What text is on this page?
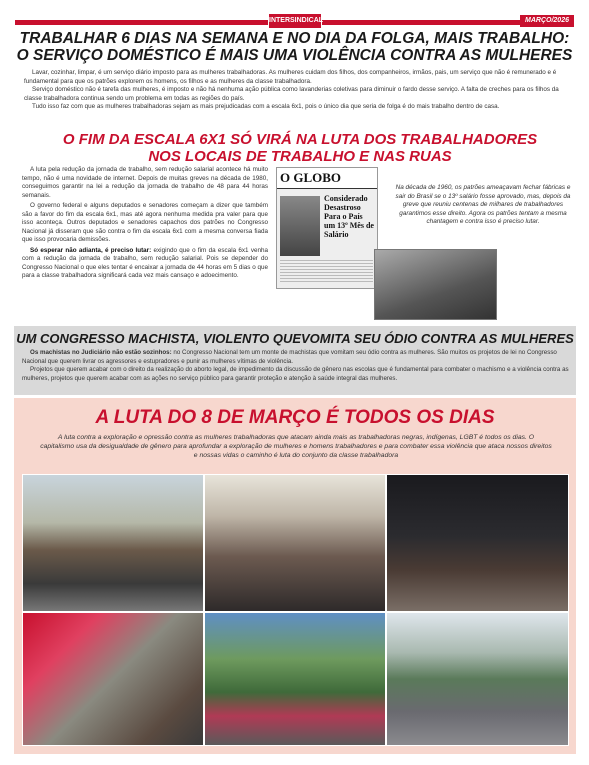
INTERSINDICAL	MARÇO/2026
TRABALHAR 6 DIAS NA SEMANA E NO DIA DA FOLGA, MAIS TRABALHO: O SERVIÇO DOMÉSTICO É MAIS UMA VIOLÊNCIA CONTRA AS MULHERES

Lavar, cozinhar, limpar, é um serviço diário imposto para as mulheres trabalhadoras. As mulheres cuidam dos filhos, dos companheiros, irmãos, pais, um serviço que não é remunerado e é fundamental para que os patrões explorem os homens, os filhos e as mulheres da classe trabalhadora.

Serviço doméstico não é tarefa das mulheres, é imposto e não há nenhuma ação pública como lavanderias coletivas para diminuir o fardo desse serviço. A falta de creches para os filhos da classe trabalhadora continua sendo um problema em todas as regiões do país.

Tudo isso faz com que as mulheres trabalhadoras sejam as mais prejudicadas com a escala 6x1, pois o único dia que seria de folga é do mais trabalho dentro de casa.

O FIM DA ESCALA 6X1 SÓ VIRÁ NA LUTA DOS TRABALHADORES NOS LOCAIS DE TRABALHO E NAS RUAS

A luta pela redução da jornada de trabalho, sem redução salarial acontece há muito tempo, não é uma novidade de internet. Depois de muitas greves na década de 1980, conseguimos garantir na lei a redução da jornada de trabalho de 48 para 44 horas semanais.

O governo federal e alguns deputados e senadores começam a dizer que também são a favor do fim da escala 6x1, mas até agora nenhuma medida pra valer para que isso aconteça. Outros deputados e senadores capachos dos patrões no Congresso Nacional já disseram que são contra o fim da escala 6x1 com a mesma conversa fiada que isso provocaria demissões.

Só esperar não adianta, é preciso lutar: exigindo que o fim da escala 6x1 venha com a redução da jornada de trabalho, sem redução salarial. Pois se depender do Congresso Nacional o que eles tentar é encaixar a jornada de 44 horas em 5 dias o que para a classe trabalhadora significará cada vez mais cansaço e adoecimento.

O GLOBO
Considerado Desastroso Para o País um 13º Mês de Salário
Na década de 1960, os patrões ameaçavam fechar fábricas e sair do Brasil se o 13º salário fosse aprovado, mas, depois da greve que reuniu centenas de milhares de trabalhadores garantimos esse direito. Agora os patrões tentam a mesma chantagem e contra isso é preciso lutar.
UM CONGRESSO MACHISTA, VIOLENTO QUEVOMITA SEU ÓDIO CONTRA AS MULHERES

Os machistas no Judiciário não estão sozinhos: no Congresso Nacional tem um monte de machistas que vomitam seu ódio contra as mulheres. São muitos os projetos de lei no Congresso Nacional que querem livrar os agressores e estupradores e punir as mulheres vítimas de violência.

Projetos que querem acabar com o direito da realização do aborto legal, de impedimento da discussão de gênero nas escolas que é fundamental para combater o machismo e a violência contra as mulheres, projetos que querem acabar com as ações no serviço público para garantir proteção e atenção à saúde integral das mulheres.

A LUTA DO 8 DE MARÇO É TODOS OS DIAS
A luta contra a exploração e opressão contra as mulheres trabalhadoras que atacam ainda mais as trabalhadoras negras, indígenas, LGBT é todos os dias. O capitalismo usa da desigualdade de gênero para aprofundar a exploração de mulheres e homens trabalhadores e para combater essa violência que ataca nossos direitos e nossas vidas o caminho é luta do conjunto da classe trabalhadora
